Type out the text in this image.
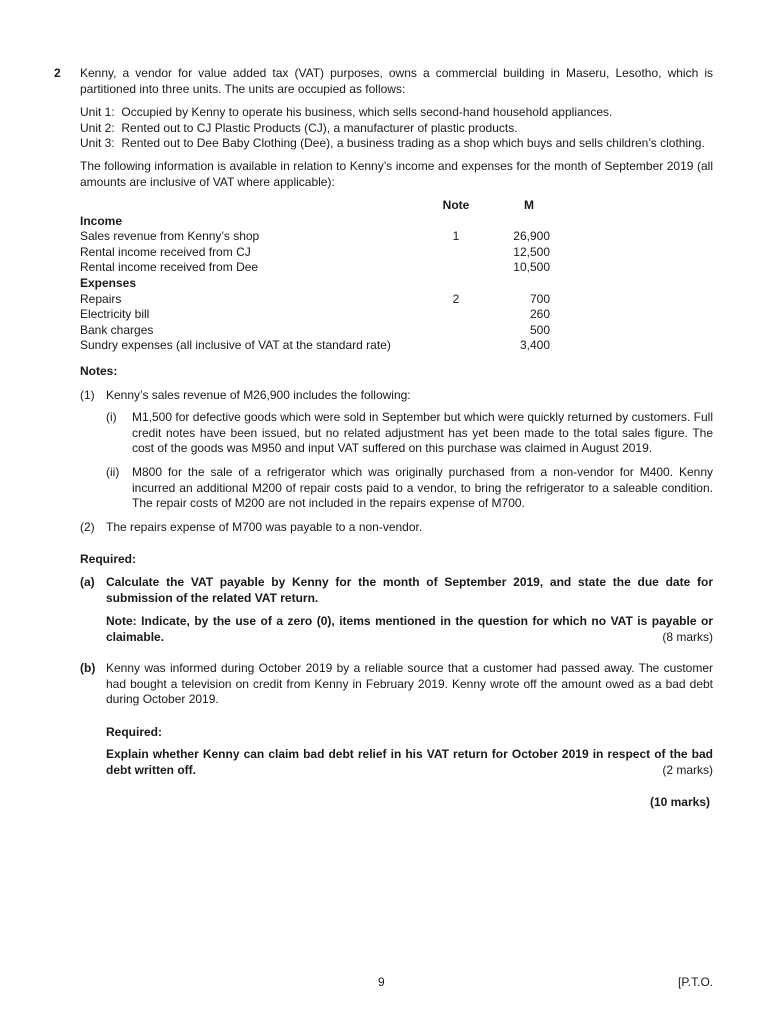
2 Kenny, a vendor for value added tax (VAT) purposes, owns a commercial building in Maseru, Lesotho, which is partitioned into three units. The units are occupied as follows:
Unit 1: Occupied by Kenny to operate his business, which sells second-hand household appliances.
Unit 2: Rented out to CJ Plastic Products (CJ), a manufacturer of plastic products.
Unit 3: Rented out to Dee Baby Clothing (Dee), a business trading as a shop which buys and sells children’s clothing.
The following information is available in relation to Kenny’s income and expenses for the month of September 2019 (all amounts are inclusive of VAT where applicable):
Note	M
Income
Sales revenue from Kenny’s shop	1	26,900
Rental income received from CJ	12,500
Rental income received from Dee	10,500
Expenses
Repairs	2	700
Electricity bill	260
Bank charges	500
Sundry expenses (all inclusive of VAT at the standard rate)	3,400
Notes:
(1) Kenny’s sales revenue of M26,900 includes the following:
(i) M1,500 for defective goods which were sold in September but which were quickly returned by customers. Full credit notes have been issued, but no related adjustment has yet been made to the total sales figure. The cost of the goods was M950 and input VAT suffered on this purchase was claimed in August 2019.
(ii) M800 for the sale of a refrigerator which was originally purchased from a non-vendor for M400. Kenny incurred an additional M200 of repair costs paid to a vendor, to bring the refrigerator to a saleable condition. The repair costs of M200 are not included in the repairs expense of M700.
(2) The repairs expense of M700 was payable to a non-vendor.
Required:
(a) Calculate the VAT payable by Kenny for the month of September 2019, and state the due date for submission of the related VAT return.
Note: Indicate, by the use of a zero (0), items mentioned in the question for which no VAT is payable or claimable.	(8 marks)
(b) Kenny was informed during October 2019 by a reliable source that a customer had passed away. The customer had bought a television on credit from Kenny in February 2019. Kenny wrote off the amount owed as a bad debt during October 2019.
Required:
Explain whether Kenny can claim bad debt relief in his VAT return for October 2019 in respect of the bad debt written off.	(2 marks)
(10 marks)
9	[P.T.O.
